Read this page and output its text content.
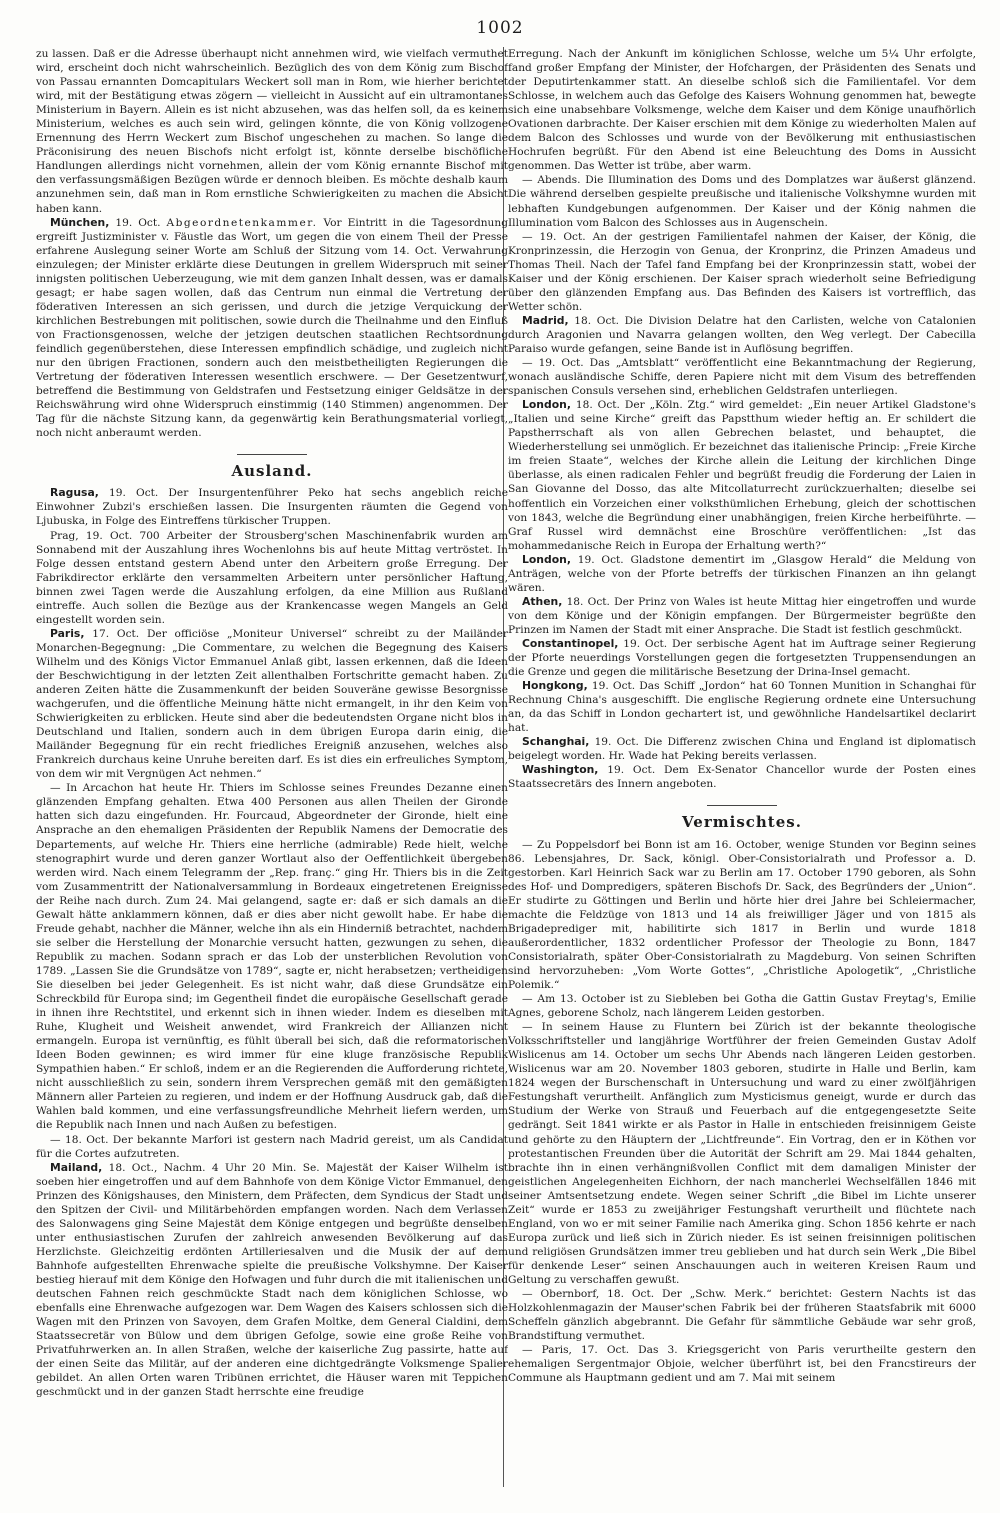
1002

zu lassen. Daß er die Adresse überhaupt nicht annehmen wird, wie vielfach vermuthet wird, erscheint doch nicht wahrscheinlich. Bezüglich des von dem König zum Bischof von Passau ernannten Domcapitulars Weckert soll man in Rom, wie hierher berichtet wird, mit der Bestätigung etwas zögern — vielleicht in Aussicht auf ein ultramontanes Ministerium in Bayern. Allein es ist nicht abzusehen, was das helfen soll, da es keinem Ministerium, welches es auch sein wird, gelingen könnte, die von König vollzogene Ernennung des Herrn Weckert zum Bischof ungeschehen zu machen. So lange die Präconisirung des neuen Bischofs nicht erfolgt ist, könnte derselbe bischöfliche Handlungen allerdings nicht vornehmen, allein der vom König ernannte Bischof mit den verfassungsmäßigen Bezügen würde er dennoch bleiben. Es möchte deshalb kaum anzunehmen sein, daß man in Rom ernstliche Schwierigkeiten zu machen die Absicht haben kann.

München, 19. Oct. Abgeordnetenkammer. Vor Eintritt in die Tagesordnung ergreift Justizminister v. Fäustle das Wort, um gegen die von einem Theil der Presse erfahrene Auslegung seiner Worte am Schluß der Sitzung vom 14. Oct. Verwahrung einzulegen; der Minister erklärte diese Deutungen in grellem Widerspruch mit seiner innigsten politischen Ueberzeugung, wie mit dem ganzen Inhalt dessen, was er damals gesagt; er habe sagen wollen, daß das Centrum nun einmal die Vertretung der föderativen Interessen an sich gerissen, und durch die jetzige Verquickung der kirchlichen Bestrebungen mit politischen, sowie durch die Theilnahme und den Einfluß von Fractionsgenossen, welche der jetzigen deutschen staatlichen Rechtsordnung feindlich gegenüberstehen, diese Interessen empfindlich schädige, und zugleich nicht nur den übrigen Fractionen, sondern auch den meistbetheiligten Regierungen die Vertretung der föderativen Interessen wesentlich erschwere. — Der Gesetzentwurf, betreffend die Bestimmung von Geldstrafen und Festsetzung einiger Geldsätze in der Reichswährung wird ohne Widerspruch einstimmig (140 Stimmen) angenommen. Der Tag für die nächste Sitzung kann, da gegenwärtig kein Berathungsmaterial vorliegt, noch nicht anberaumt werden.

Ausland.

Ragusa, 19. Oct. Der Insurgentenführer Peko hat sechs angeblich reiche Einwohner Zubzi's erschießen lassen. Die Insurgenten räumten die Gegend von Ljubuska, in Folge des Eintreffens türkischer Truppen.

Prag, 19. Oct. 700 Arbeiter der Strousberg'schen Maschinenfabrik wurden am Sonnabend mit der Auszahlung ihres Wochenlohns bis auf heute Mittag vertröstet. In Folge dessen entstand gestern Abend unter den Arbeitern große Erregung. Der Fabrikdirector erklärte den versammelten Arbeitern unter persönlicher Haftung, binnen zwei Tagen werde die Auszahlung erfolgen, da eine Million aus Rußland eintreffe. Auch sollen die Bezüge aus der Krankencasse wegen Mangels an Geld eingestellt worden sein.

Paris, 17. Oct. Der officiöse „Moniteur Universel“ schreibt zu der Mailänder Monarchen-Begegnung: „Die Commentare, zu welchen die Begegnung des Kaisers Wilhelm und des Königs Victor Emmanuel Anlaß gibt, lassen erkennen, daß die Ideen der Beschwichtigung in der letzten Zeit allenthalben Fortschritte gemacht haben. Zu anderen Zeiten hätte die Zusammenkunft der beiden Souveräne gewisse Besorgnisse wachgerufen, und die öffentliche Meinung hätte nicht ermangelt, in ihr den Keim von Schwierigkeiten zu erblicken. Heute sind aber die bedeutendsten Organe nicht blos in Deutschland und Italien, sondern auch in dem übrigen Europa darin einig, die Mailänder Begegnung für ein recht friedliches Ereigniß anzusehen, welches also Frankreich durchaus keine Unruhe bereiten darf. Es ist dies ein erfreuliches Symptom, von dem wir mit Vergnügen Act nehmen.“

— In Arcachon hat heute Hr. Thiers im Schlosse seines Freundes Dezanne einen glänzenden Empfang gehalten. Etwa 400 Personen aus allen Theilen der Gironde hatten sich dazu eingefunden. Hr. Fourcaud, Abgeordneter der Gironde, hielt eine Ansprache an den ehemaligen Präsidenten der Republik Namens der Democratie des Departements, auf welche Hr. Thiers eine herrliche (admirable) Rede hielt, welche stenographirt wurde und deren ganzer Wortlaut also der Oeffentlichkeit übergeben werden wird. Nach einem Telegramm der „Rep. franç.“ ging Hr. Thiers bis in die Zeit vom Zusammentritt der Nationalversammlung in Bordeaux eingetretenen Ereignisse der Reihe nach durch. Zum 24. Mai gelangend, sagte er: daß er sich damals an die Gewalt hätte anklammern können, daß er dies aber nicht gewollt habe. Er habe die Freude gehabt, nachher die Männer, welche ihn als ein Hinderniß betrachtet, nachdem sie selber die Herstellung der Monarchie versucht hatten, gezwungen zu sehen, die Republik zu machen. Sodann sprach er das Lob der unsterblichen Revolution von 1789. „Lassen Sie die Grundsätze von 1789“, sagte er, nicht herabsetzen; vertheidigen Sie dieselben bei jeder Gelegenheit. Es ist nicht wahr, daß diese Grundsätze ein Schreckbild für Europa sind; im Gegentheil findet die europäische Gesellschaft gerade in ihnen ihre Rechtstitel, und erkennt sich in ihnen wieder. Indem es dieselben mit Ruhe, Klugheit und Weisheit anwendet, wird Frankreich der Allianzen nicht ermangeln. Europa ist vernünftig, es fühlt überall bei sich, daß die reformatorischen Ideen Boden gewinnen; es wird immer für eine kluge französische Republik Sympathien haben.“ Er schloß, indem er an die Regierenden die Aufforderung richtete, nicht ausschließlich zu sein, sondern ihrem Versprechen gemäß mit den gemäßigten Männern aller Parteien zu regieren, und indem er der Hoffnung Ausdruck gab, daß die Wahlen bald kommen, und eine verfassungsfreundliche Mehrheit liefern werden, um die Republik nach Innen und nach Außen zu befestigen.

— 18. Oct. Der bekannte Marfori ist gestern nach Madrid gereist, um als Candidat für die Cortes aufzutreten.

Mailand, 18. Oct., Nachm. 4 Uhr 20 Min. Se. Majestät der Kaiser Wilhelm ist soeben hier eingetroffen und auf dem Bahnhofe von dem Könige Victor Emmanuel, den Prinzen des Königshauses, den Ministern, dem Präfecten, dem Syndicus der Stadt und den Spitzen der Civil- und Militärbehörden empfangen worden. Nach dem Verlassen des Salonwagens ging Seine Majestät dem Könige entgegen und begrüßte denselben unter enthusiastischen Zurufen der zahlreich anwesenden Bevölkerung auf das Herzlichste. Gleichzeitig erdönten Artilleriesalven und die Musik der auf dem Bahnhofe aufgestellten Ehrenwache spielte die preußische Volkshymne. Der Kaiser bestieg hierauf mit dem Könige den Hofwagen und fuhr durch die mit italienischen und deutschen Fahnen reich geschmückte Stadt nach dem königlichen Schlosse, wo ebenfalls eine Ehrenwache aufgezogen war. Dem Wagen des Kaisers schlossen sich die Wagen mit den Prinzen von Savoyen, dem Grafen Moltke, dem General Cialdini, dem Staatssecretär von Bülow und dem übrigen Gefolge, sowie eine große Reihe von Privatfuhrwerken an. In allen Straßen, welche der kaiserliche Zug passirte, hatte auf der einen Seite das Militär, auf der anderen eine dichtgedrängte Volksmenge Spalier gebildet. An allen Orten waren Tribünen errichtet, die Häuser waren mit Teppichen geschmückt und in der ganzen Stadt herrschte eine freudige

Erregung. Nach der Ankunft im königlichen Schlosse, welche um 5¼ Uhr erfolgte, fand großer Empfang der Minister, der Hofchargen, der Präsidenten des Senats und der Deputirtenkammer statt. An dieselbe schloß sich die Familientafel. Vor dem Schlosse, in welchem auch das Gefolge des Kaisers Wohnung genommen hat, bewegte sich eine unabsehbare Volksmenge, welche dem Kaiser und dem Könige unaufhörlich Ovationen darbrachte. Der Kaiser erschien mit dem Könige zu wiederholten Malen auf dem Balcon des Schlosses und wurde von der Bevölkerung mit enthusiastischen Hochrufen begrüßt. Für den Abend ist eine Beleuchtung des Doms in Aussicht genommen. Das Wetter ist trübe, aber warm.

— Abends. Die Illumination des Doms und des Domplatzes war äußerst glänzend. Die während derselben gespielte preußische und italienische Volkshymne wurden mit lebhaften Kundgebungen aufgenommen. Der Kaiser und der König nahmen die Illumination vom Balcon des Schlosses aus in Augenschein.

— 19. Oct. An der gestrigen Familientafel nahmen der Kaiser, der König, die Kronprinzessin, die Herzogin von Genua, der Kronprinz, die Prinzen Amadeus und Thomas Theil. Nach der Tafel fand Empfang bei der Kronprinzessin statt, wobei der Kaiser und der König erschienen. Der Kaiser sprach wiederholt seine Befriedigung über den glänzenden Empfang aus. Das Befinden des Kaisers ist vortrefflich, das Wetter schön.

Madrid, 18. Oct. Die Division Delatre hat den Carlisten, welche von Catalonien durch Aragonien und Navarra gelangen wollten, den Weg verlegt. Der Cabecilla Paraiso wurde gefangen, seine Bande ist in Auflösung begriffen.

— 19. Oct. Das „Amtsblatt“ veröffentlicht eine Bekanntmachung der Regierung, wonach ausländische Schiffe, deren Papiere nicht mit dem Visum des betreffenden spanischen Consuls versehen sind, erheblichen Geldstrafen unterliegen.

London, 18. Oct. Der „Köln. Ztg.“ wird gemeldet: „Ein neuer Artikel Gladstone's „Italien und seine Kirche“ greift das Papstthum wieder heftig an. Er schildert die Papstherrschaft als von allen Gebrechen belastet, und behauptet, die Wiederherstellung sei unmöglich. Er bezeichnet das italienische Princip: „Freie Kirche im freien Staate“, welches der Kirche allein die Leitung der kirchlichen Dinge überlasse, als einen radicalen Fehler und begrüßt freudig die Forderung der Laien in San Giovanne del Dosso, das alte Mitcollaturrecht zurückzuerhalten; dieselbe sei hoffentlich ein Vorzeichen einer volksthümlichen Erhebung, gleich der schottischen von 1843, welche die Begründung einer unabhängigen, freien Kirche herbeiführte. — Graf Russel wird demnächst eine Broschüre veröffentlichen: „Ist das mohammedanische Reich in Europa der Erhaltung werth?“

London, 19. Oct. Gladstone dementirt im „Glasgow Herald“ die Meldung von Anträgen, welche von der Pforte betreffs der türkischen Finanzen an ihn gelangt wären.

Athen, 18. Oct. Der Prinz von Wales ist heute Mittag hier eingetroffen und wurde von dem Könige und der Königin empfangen. Der Bürgermeister begrüßte den Prinzen im Namen der Stadt mit einer Ansprache. Die Stadt ist festlich geschmückt.

Constantinopel, 19. Oct. Der serbische Agent hat im Auftrage seiner Regierung der Pforte neuerdings Vorstellungen gegen die fortgesetzten Truppensendungen an die Grenze und gegen die militärische Besetzung der Drina-Insel gemacht.

Hongkong, 19. Oct. Das Schiff „Jordon“ hat 60 Tonnen Munition in Schanghai für Rechnung China's ausgeschifft. Die englische Regierung ordnete eine Untersuchung an, da das Schiff in London gechartert ist, und gewöhnliche Handelsartikel declarirt hat.

Schanghai, 19. Oct. Die Differenz zwischen China und England ist diplomatisch beigelegt worden. Hr. Wade hat Peking bereits verlassen.

Washington, 19. Oct. Dem Ex-Senator Chancellor wurde der Posten eines Staatssecretärs des Innern angeboten.

Vermischtes.

— Zu Poppelsdorf bei Bonn ist am 16. October, wenige Stunden vor Beginn seines 86. Lebensjahres, Dr. Sack, königl. Ober-Consistorialrath und Professor a. D. gestorben. Karl Heinrich Sack war zu Berlin am 17. October 1790 geboren, als Sohn des Hof- und Dompredigers, späteren Bischofs Dr. Sack, des Begründers der „Union“. Er studirte zu Göttingen und Berlin und hörte hier drei Jahre bei Schleiermacher, machte die Feldzüge von 1813 und 14 als freiwilliger Jäger und von 1815 als Brigadeprediger mit, habilitirte sich 1817 in Berlin und wurde 1818 außerordentlicher, 1832 ordentlicher Professor der Theologie zu Bonn, 1847 Consistorialrath, später Ober-Consistorialrath zu Magdeburg. Von seinen Schriften sind hervorzuheben: „Vom Worte Gottes“, „Christliche Apologetik“, „Christliche Polemik.“

— Am 13. October ist zu Siebleben bei Gotha die Gattin Gustav Freytag's, Emilie Agnes, geborene Scholz, nach längerem Leiden gestorben.

— In seinem Hause zu Fluntern bei Zürich ist der bekannte theologische Volksschriftsteller und langjährige Wortführer der freien Gemeinden Gustav Adolf Wislicenus am 14. October um sechs Uhr Abends nach längeren Leiden gestorben. Wislicenus war am 20. November 1803 geboren, studirte in Halle und Berlin, kam 1824 wegen der Burschenschaft in Untersuchung und ward zu einer zwölfjährigen Festungshaft verurtheilt. Anfänglich zum Mysticismus geneigt, wurde er durch das Studium der Werke von Strauß und Feuerbach auf die entgegengesetzte Seite gedrängt. Seit 1841 wirkte er als Pastor in Halle in entschieden freisinnigem Geiste und gehörte zu den Häuptern der „Lichtfreunde“. Ein Vortrag, den er in Köthen vor protestantischen Freunden über die Autorität der Schrift am 29. Mai 1844 gehalten, brachte ihn in einen verhängnißvollen Conflict mit dem damaligen Minister der geistlichen Angelegenheiten Eichhorn, der nach mancherlei Wechselfällen 1846 mit seiner Amtsentsetzung endete. Wegen seiner Schrift „die Bibel im Lichte unserer Zeit“ wurde er 1853 zu zweijähriger Festungshaft verurtheilt und flüchtete nach England, von wo er mit seiner Familie nach Amerika ging. Schon 1856 kehrte er nach Europa zurück und ließ sich in Zürich nieder. Es ist seinen freisinnigen politischen und religiösen Grundsätzen immer treu geblieben und hat durch sein Werk „Die Bibel für denkende Leser“ seinen Anschauungen auch in weiteren Kreisen Raum und Geltung zu verschaffen gewußt.

— Obernborf, 18. Oct. Der „Schw. Merk.“ berichtet: Gestern Nachts ist das Holzkohlenmagazin der Mauser'schen Fabrik bei der früheren Staatsfabrik mit 6000 Scheffeln gänzlich abgebrannt. Die Gefahr für sämmtliche Gebäude war sehr groß, Brandstiftung vermuthet.

— Paris, 17. Oct. Das 3. Kriegsgericht von Paris verurtheilte gestern den ehemaligen Sergentmajor Objoie, welcher überführt ist, bei den Francstireurs der Commune als Hauptmann gedient und am 7. Mai mit seinem
